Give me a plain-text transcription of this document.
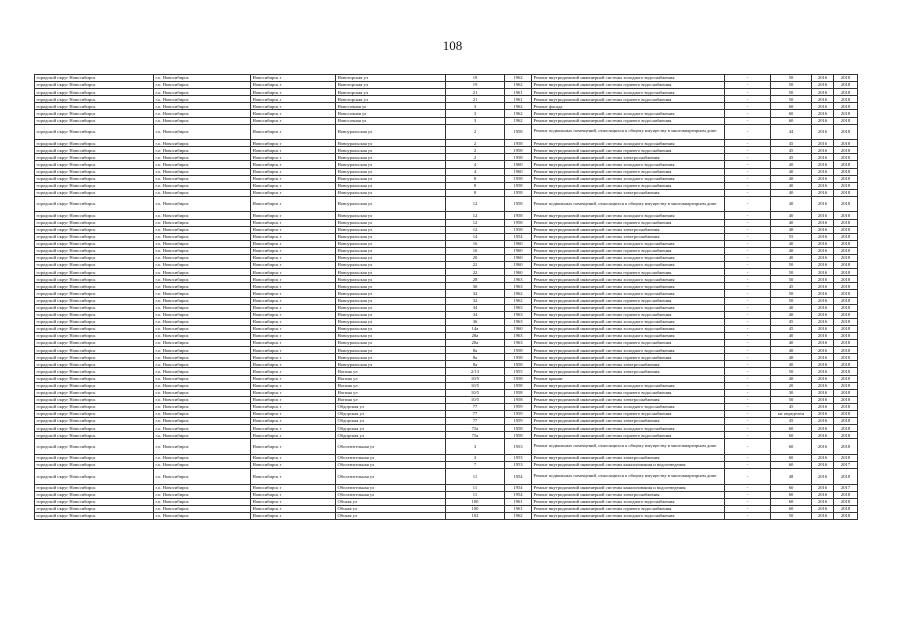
108
городской округ Новосибирск	г.о. Новосибирск	Новосибирск г	Новоторская ул	19	1962	Ремонт внутридомовой инженерной системы холодного водоснабжения	-	50	2016	2018
городской округ Новосибирск	г.о. Новосибирск	Новосибирск г	Новоторская ул	19	1962	Ремонт внутридомовой инженерной системы горячего водоснабжения	-	50	2016	2018
городской округ Новосибирск	г.о. Новосибирск	Новосибирск г	Новоторская ул	21	1961	Ремонт внутридомовой инженерной системы холодного водоснабжения	-	50	2016	2018
городской округ Новосибирск	г.о. Новосибирск	Новосибирск г	Новоторская ул	21	1961	Ремонт внутридомовой инженерной системы горячего водоснабжения	-	50	2016	2018
городской округ Новосибирск	г.о. Новосибирск	Новосибирск г	Новосочная ул	3	1962	Ремонт фасада	-	60	2016	2018
городской округ Новосибирск	г.о. Новосибирск	Новосибирск г	Новосочная ул	3	1962	Ремонт внутридомовой инженерной системы холодного водоснабжения	-	60	2016	2018
городской округ Новосибирск	г.о. Новосибирск	Новосибирск г	Новосочная ул	3	1962	Ремонт внутридомовой инженерной системы горячего водоснабжения	-	60	2016	2018
городской округ Новосибирск	г.о. Новосибирск	Новосибирск г	Новоуральская ул	2	1958	Ремонт подвальных помещений, относящихся к общему имуществу в многоквартирном доме	-	44	2016	2018
городской округ Новосибирск	г.о. Новосибирск	Новосибирск г	Новоуральская ул	2	1958	Ремонт внутридомовой инженерной системы холодного водоснабжения	-	45	2016	2018
городской округ Новосибирск	г.о. Новосибирск	Новосибирск г	Новоуральская ул	2	1958	Ремонт внутридомовой инженерной системы горячего водоснабжения	-	45	2016	2018
городской округ Новосибирск	г.о. Новосибирск	Новосибирск г	Новоуральская ул	2	1958	Ремонт внутридомовой инженерной системы электроснабжения	-	45	2016	2018
городской округ Новосибирск	г.о. Новосибирск	Новосибирск г	Новоуральская ул	4	1960	Ремонт внутридомовой инженерной системы холодного водоснабжения	-	40	2016	2018
городской округ Новосибирск	г.о. Новосибирск	Новосибирск г	Новоуральская ул	4	1960	Ремонт внутридомовой инженерной системы горячего водоснабжения	-	40	2016	2018
городской округ Новосибирск	г.о. Новосибирск	Новосибирск г	Новоуральская ул	8	1958	Ремонт внутридомовой инженерной системы холодного водоснабжения	-	40	2016	2018
городской округ Новосибирск	г.о. Новосибирск	Новосибирск г	Новоуральская ул	8	1958	Ремонт внутридомовой инженерной системы горячего водоснабжения	-	40	2016	2018
городской округ Новосибирск	г.о. Новосибирск	Новосибирск г	Новоуральская ул	8	1958	Ремонт внутридомовой инженерной системы электроснабжения	-	40	2016	2018
городской округ Новосибирск	г.о. Новосибирск	Новосибирск г	Новоуральская ул	12	1958	Ремонт подвальных помещений, относящихся к общему имуществу в многоквартирном доме	-	40	2016	2018
городской округ Новосибирск	г.о. Новосибирск	Новосибирск г	Новоуральская ул	12	1958	Ремонт внутридомовой инженерной системы холодного водоснабжения	-	40	2016	2018
городской округ Новосибирск	г.о. Новосибирск	Новосибирск г	Новоуральская ул	12	1958	Ремонт внутридомовой инженерной системы горячего водоснабжения	-	40	2016	2018
городской округ Новосибирск	г.о. Новосибирск	Новосибирск г	Новоуральская ул	12	1958	Ремонт внутридомовой инженерной системы электроснабжения	-	40	2016	2018
городской округ Новосибирск	г.о. Новосибирск	Новосибирск г	Новоуральская ул	14	1954	Ремонт внутридомовой инженерной системы электроснабжения	-	55	2016	2018
городской округ Новосибирск	г.о. Новосибирск	Новосибирск г	Новоуральская ул	16	1960	Ремонт внутридомовой инженерной системы холодного водоснабжения	-	40	2016	2018
городской округ Новосибирск	г.о. Новосибирск	Новосибирск г	Новоуральская ул	16	1960	Ремонт внутридомовой инженерной системы горячего водоснабжения	-	40	2016	2018
городской округ Новосибирск	г.о. Новосибирск	Новосибирск г	Новоуральская ул	20	1960	Ремонт внутридомовой инженерной системы холодного водоснабжения	-	40	2016	2018
городской округ Новосибирск	г.о. Новосибирск	Новосибирск г	Новоуральская ул	22	1960	Ремонт внутридомовой инженерной системы холодного водоснабжения	-	50	2016	2018
городской округ Новосибирск	г.о. Новосибирск	Новосибирск г	Новоуральская ул	22	1960	Ремонт внутридомовой инженерной системы горячего водоснабжения	-	50	2016	2018
городской округ Новосибирск	г.о. Новосибирск	Новосибирск г	Новоуральская ул	28	1963	Ремонт внутридомовой инженерной системы холодного водоснабжения	-	50	2016	2018
городской округ Новосибирск	г.о. Новосибирск	Новосибирск г	Новоуральская ул	30	1963	Ремонт внутридомовой инженерной системы холодного водоснабжения	-	45	2016	2018
городской округ Новосибирск	г.о. Новосибирск	Новосибирск г	Новоуральская ул	32	1962	Ремонт внутридомовой инженерной системы холодного водоснабжения	-	50	2016	2018
городской округ Новосибирск	г.о. Новосибирск	Новосибирск г	Новоуральская ул	32	1962	Ремонт внутридомовой инженерной системы горячего водоснабжения	-	50	2016	2018
городской округ Новосибирск	г.о. Новосибирск	Новосибирск г	Новоуральская ул	34	1963	Ремонт внутридомовой инженерной системы холодного водоснабжения	-	40	2016	2018
городской округ Новосибирск	г.о. Новосибирск	Новосибирск г	Новоуральская ул	34	1963	Ремонт внутридомовой инженерной системы горячего водоснабжения	-	40	2016	2018
городской округ Новосибирск	г.о. Новосибирск	Новосибирск г	Новоуральская ул	36	1963	Ремонт внутридомовой инженерной системы холодного водоснабжения	-	45	2016	2018
городской округ Новосибирск	г.о. Новосибирск	Новосибирск г	Новоуральская ул	14а	1960	Ремонт внутридомовой инженерной системы холодного водоснабжения	-	45	2016	2018
городской округ Новосибирск	г.о. Новосибирск	Новосибирск г	Новоуральская ул	28а	1963	Ремонт внутридомовой инженерной системы холодного водоснабжения	-	40	2016	2018
городской округ Новосибирск	г.о. Новосибирск	Новосибирск г	Новоуральская ул	28а	1963	Ремонт внутридомовой инженерной системы горячего водоснабжения	-	40	2016	2018
городской округ Новосибирск	г.о. Новосибирск	Новосибирск г	Новоуральская ул	8а	1958	Ремонт внутридомовой инженерной системы холодного водоснабжения	-	40	2016	2018
городской округ Новосибирск	г.о. Новосибирск	Новосибирск г	Новоуральская ул	8а	1958	Ремонт внутридомовой инженерной системы горячего водоснабжения	-	40	2016	2018
городской округ Новосибирск	г.о. Новосибирск	Новосибирск г	Новоуральская ул	8а	1958	Ремонт внутридомовой инженерной системы электроснабжения	-	40	2016	2018
городской округ Новосибирск	г.о. Новосибирск	Новосибирск г	Ногина ул	2/13	1955	Ремонт внутридомовой инженерной системы электроснабжения	-	50	2016	2018
городской округ Новосибирск	г.о. Новосибирск	Новосибирск г	Ногина ул	10/5	1958	Ремонт крыши	-	40	2016	2018
городской округ Новосибирск	г.о. Новосибирск	Новосибирск г	Ногина ул	10/5	1958	Ремонт внутридомовой инженерной системы холодного водоснабжения	-	20	2016	2018
городской округ Новосибирск	г.о. Новосибирск	Новосибирск г	Ногина ул	10/5	1958	Ремонт внутридомовой инженерной системы горячего водоснабжения	-	30	2016	2018
городской округ Новосибирск	г.о. Новосибирск	Новосибирск г	Ногина ул	10/5	1958	Ремонт внутридомовой инженерной системы электроснабжения	-	50	2016	2018
городской округ Новосибирск	г.о. Новосибирск	Новосибирск г	Обдорская ул	77	1959	Ремонт внутридомовой инженерной системы холодного водоснабжения	-	45	2016	2018
городской округ Новосибирск	г.о. Новосибирск	Новосибирск г	Обдорская ул	77	1959	Ремонт внутридомовой инженерной системы горячего водоснабжения	-	не определен	2016	2018
городской округ Новосибирск	г.о. Новосибирск	Новосибирск г	Обдорская ул	77	1959	Ремонт внутридомовой инженерной системы электроснабжения	-	45	2016	2018
городской округ Новосибирск	г.о. Новосибирск	Новосибирск г	Обдорская ул	75а	1958	Ремонт внутридомовой инженерной системы холодного водоснабжения	-	60	2016	2018
городской округ Новосибирск	г.о. Новосибирск	Новосибирск г	Обдорская ул	75а	1958	Ремонт внутридомовой инженерной системы горячего водоснабжения	-	60	2016	2018
городской округ Новосибирск	г.о. Новосибирск	Новосибирск г	Обогатительная ул	3	1953	Ремонт подвальных помещений, относящихся к общему имуществу в многоквартирном доме	-	60	2016	2018
городской округ Новосибирск	г.о. Новосибирск	Новосибирск г	Обогатительная ул	3	1953	Ремонт внутридомовой инженерной системы электроснабжения	-	60	2016	2018
городской округ Новосибирск	г.о. Новосибирск	Новосибирск г	Обогатительная ул	7	1953	Ремонт внутридомовой инженерной системы канализования и водоотведения	-	60	2016	2017
городской округ Новосибирск	г.о. Новосибирск	Новосибирск г	Обогатительная ул	11	1954	Ремонт подвальных помещений, относящихся к общему имуществу в многоквартирном доме	-	48	2016	2018
городской округ Новосибирск	г.о. Новосибирск	Новосибирск г	Обогатительная ул	11	1954	Ремонт внутридомовой инженерной системы канализования и водоотведения	-	60	2016	2017
городской округ Новосибирск	г.о. Новосибирск	Новосибирск г	Обогатительная ул	11	1954	Ремонт внутридомовой инженерной системы электроснабжения	-	60	2016	2018
городской округ Новосибирск	г.о. Новосибирск	Новосибирск г	Обская ул	100	1961	Ремонт внутридомовой инженерной системы холодного водоснабжения	-	60	2016	2018
городской округ Новосибирск	г.о. Новосибирск	Новосибирск г	Обская ул	100	1961	Ремонт внутридомовой инженерной системы горячего водоснабжения	-	60	2016	2018
городской округ Новосибирск	г.о. Новосибирск	Новосибирск г	Обская ул	102	1962	Ремонт внутридомовой инженерной системы холодного водоснабжения	-	50	2016	2018
